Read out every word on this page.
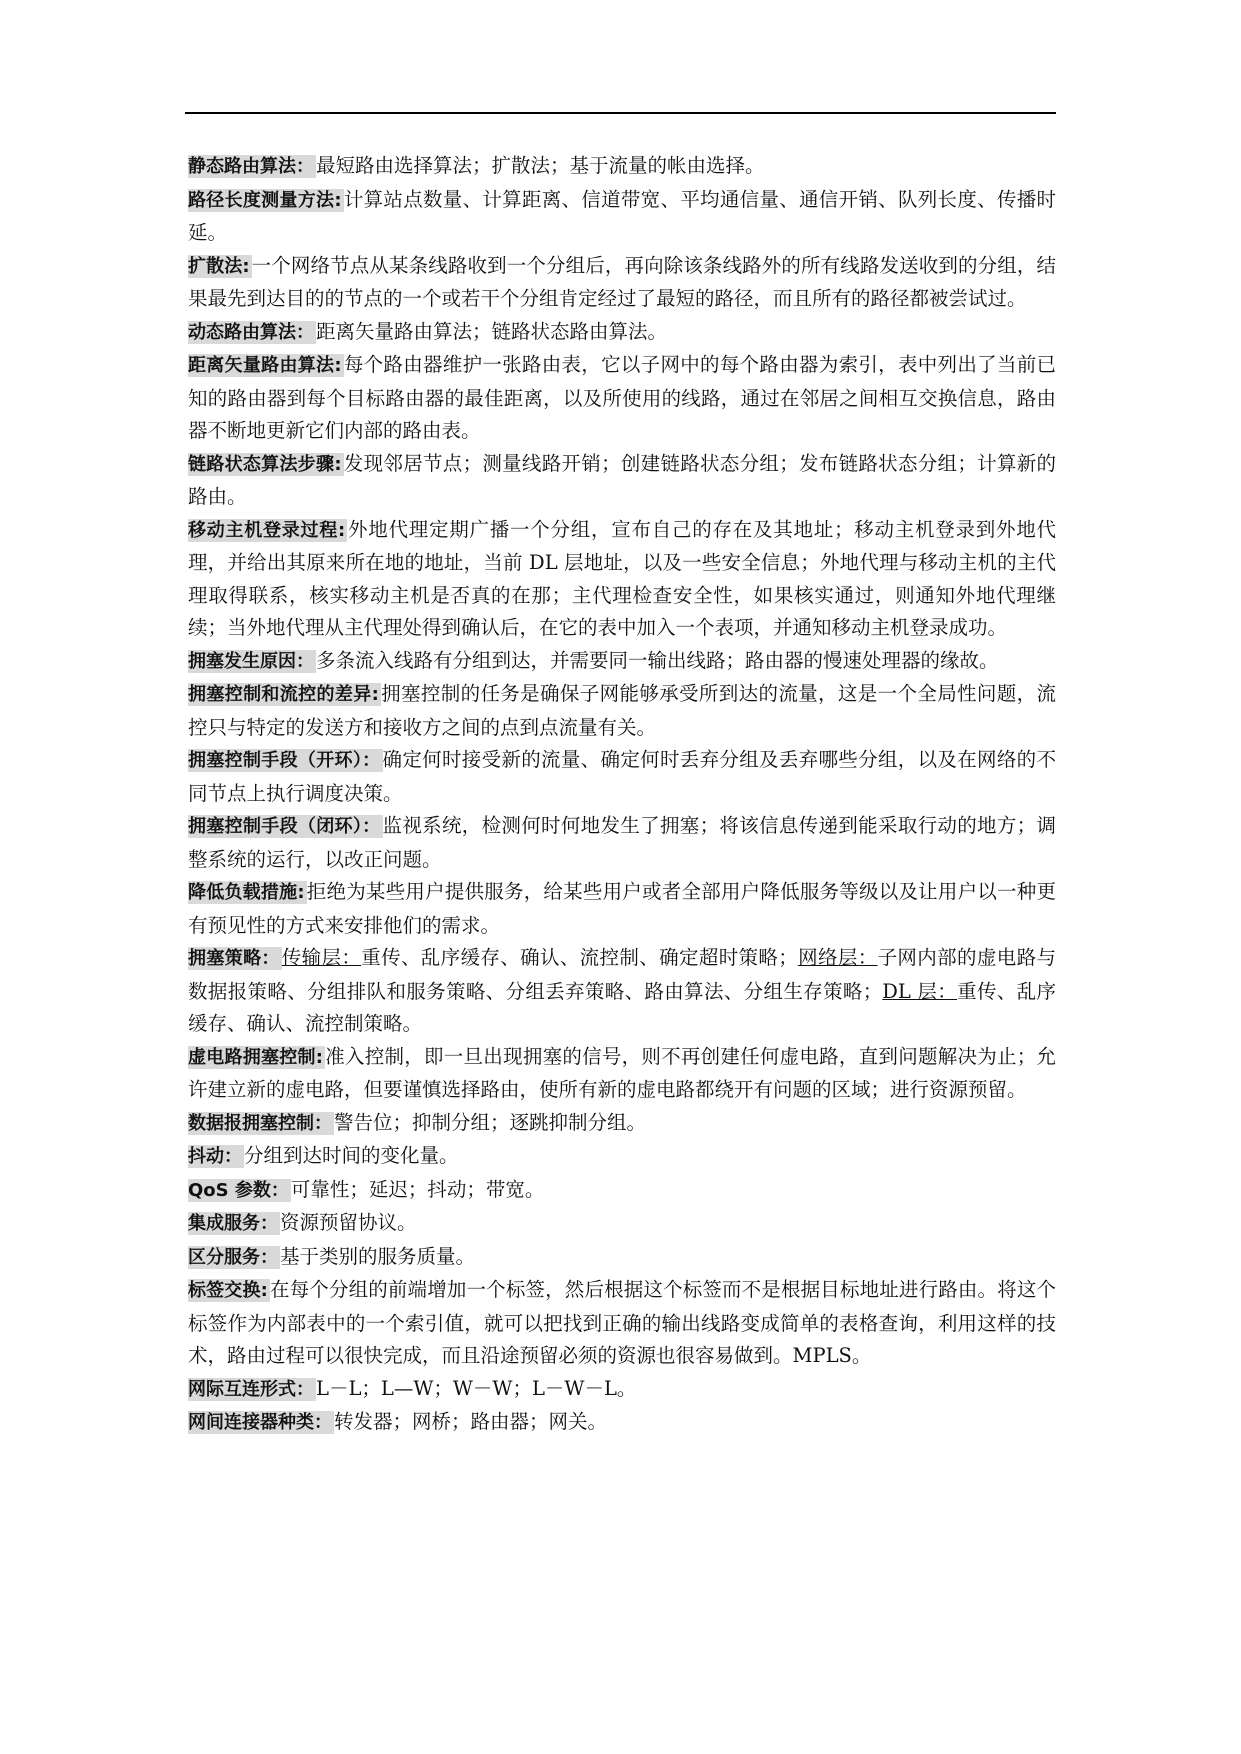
静态路由算法： 最短路由选择算法；扩散法；基于流量的帐由选择。

路径长度测量方法: 计算站点数量、计算距离、信道带宽、平均通信量、通信开销、队列长度、传播时延。

扩散法: 一个网络节点从某条线路收到一个分组后，再向除该条线路外的所有线路发送收到的分组，结果最先到达目的的节点的一个或若干个分组肯定经过了最短的路径，而且所有的路径都被尝试过。

动态路由算法： 距离矢量路由算法；链路状态路由算法。

距离矢量路由算法: 每个路由器维护一张路由表，它以子网中的每个路由器为索引，表中列出了当前已知的路由器到每个目标路由器的最佳距离，以及所使用的线路，通过在邻居之间相互交换信息，路由器不断地更新它们内部的路由表。

链路状态算法步骤: 发现邻居节点；测量线路开销；创建链路状态分组；发布链路状态分组；计算新的路由。

移动主机登录过程: 外地代理定期广播一个分组，宣布自己的存在及其地址；移动主机登录到外地代理，并给出其原来所在地的地址，当前 DL 层地址，以及一些安全信息；外地代理与移动主机的主代理取得联系，核实移动主机是否真的在那；主代理检查安全性，如果核实通过，则通知外地代理继续；当外地代理从主代理处得到确认后，在它的表中加入一个表项，并通知移动主机登录成功。

拥塞发生原因： 多条流入线路有分组到达，并需要同一输出线路；路由器的慢速处理器的缘故。

拥塞控制和流控的差异: 拥塞控制的任务是确保子网能够承受所到达的流量，这是一个全局性问题，流控只与特定的发送方和接收方之间的点到点流量有关。

拥塞控制手段（开环）： 确定何时接受新的流量、确定何时丢弃分组及丢弃哪些分组，以及在网络的不同节点上执行调度决策。

拥塞控制手段（闭环）： 监视系统，检测何时何地发生了拥塞；将该信息传递到能采取行动的地方；调整系统的运行，以改正问题。

降低负载措施: 拒绝为某些用户提供服务，给某些用户或者全部用户降低服务等级以及让用户以一种更有预见性的方式来安排他们的需求。

拥塞策略： 传输层：重传、乱序缓存、确认、流控制、确定超时策略；网络层：子网内部的虚电路与数据报策略、分组排队和服务策略、分组丢弃策略、路由算法、分组生存策略；DL 层：重传、乱序缓存、确认、流控制策略。

虚电路拥塞控制: 准入控制，即一旦出现拥塞的信号，则不再创建任何虚电路，直到问题解决为止；允许建立新的虚电路，但要谨慎选择路由，使所有新的虚电路都绕开有问题的区域；进行资源预留。

数据报拥塞控制： 警告位；抑制分组；逐跳抑制分组。

抖动： 分组到达时间的变化量。

QoS 参数： 可靠性；延迟；抖动；带宽。

集成服务： 资源预留协议。

区分服务： 基于类别的服务质量。

标签交换: 在每个分组的前端增加一个标签，然后根据这个标签而不是根据目标地址进行路由。将这个标签作为内部表中的一个索引值，就可以把找到正确的输出线路变成简单的表格查询，利用这样的技术，路由过程可以很快完成，而且沿途预留必须的资源也很容易做到。MPLS。

网际互连形式： L－L；L—W；W－W；L－W－L。

网间连接器种类： 转发器；网桥；路由器；网关。
